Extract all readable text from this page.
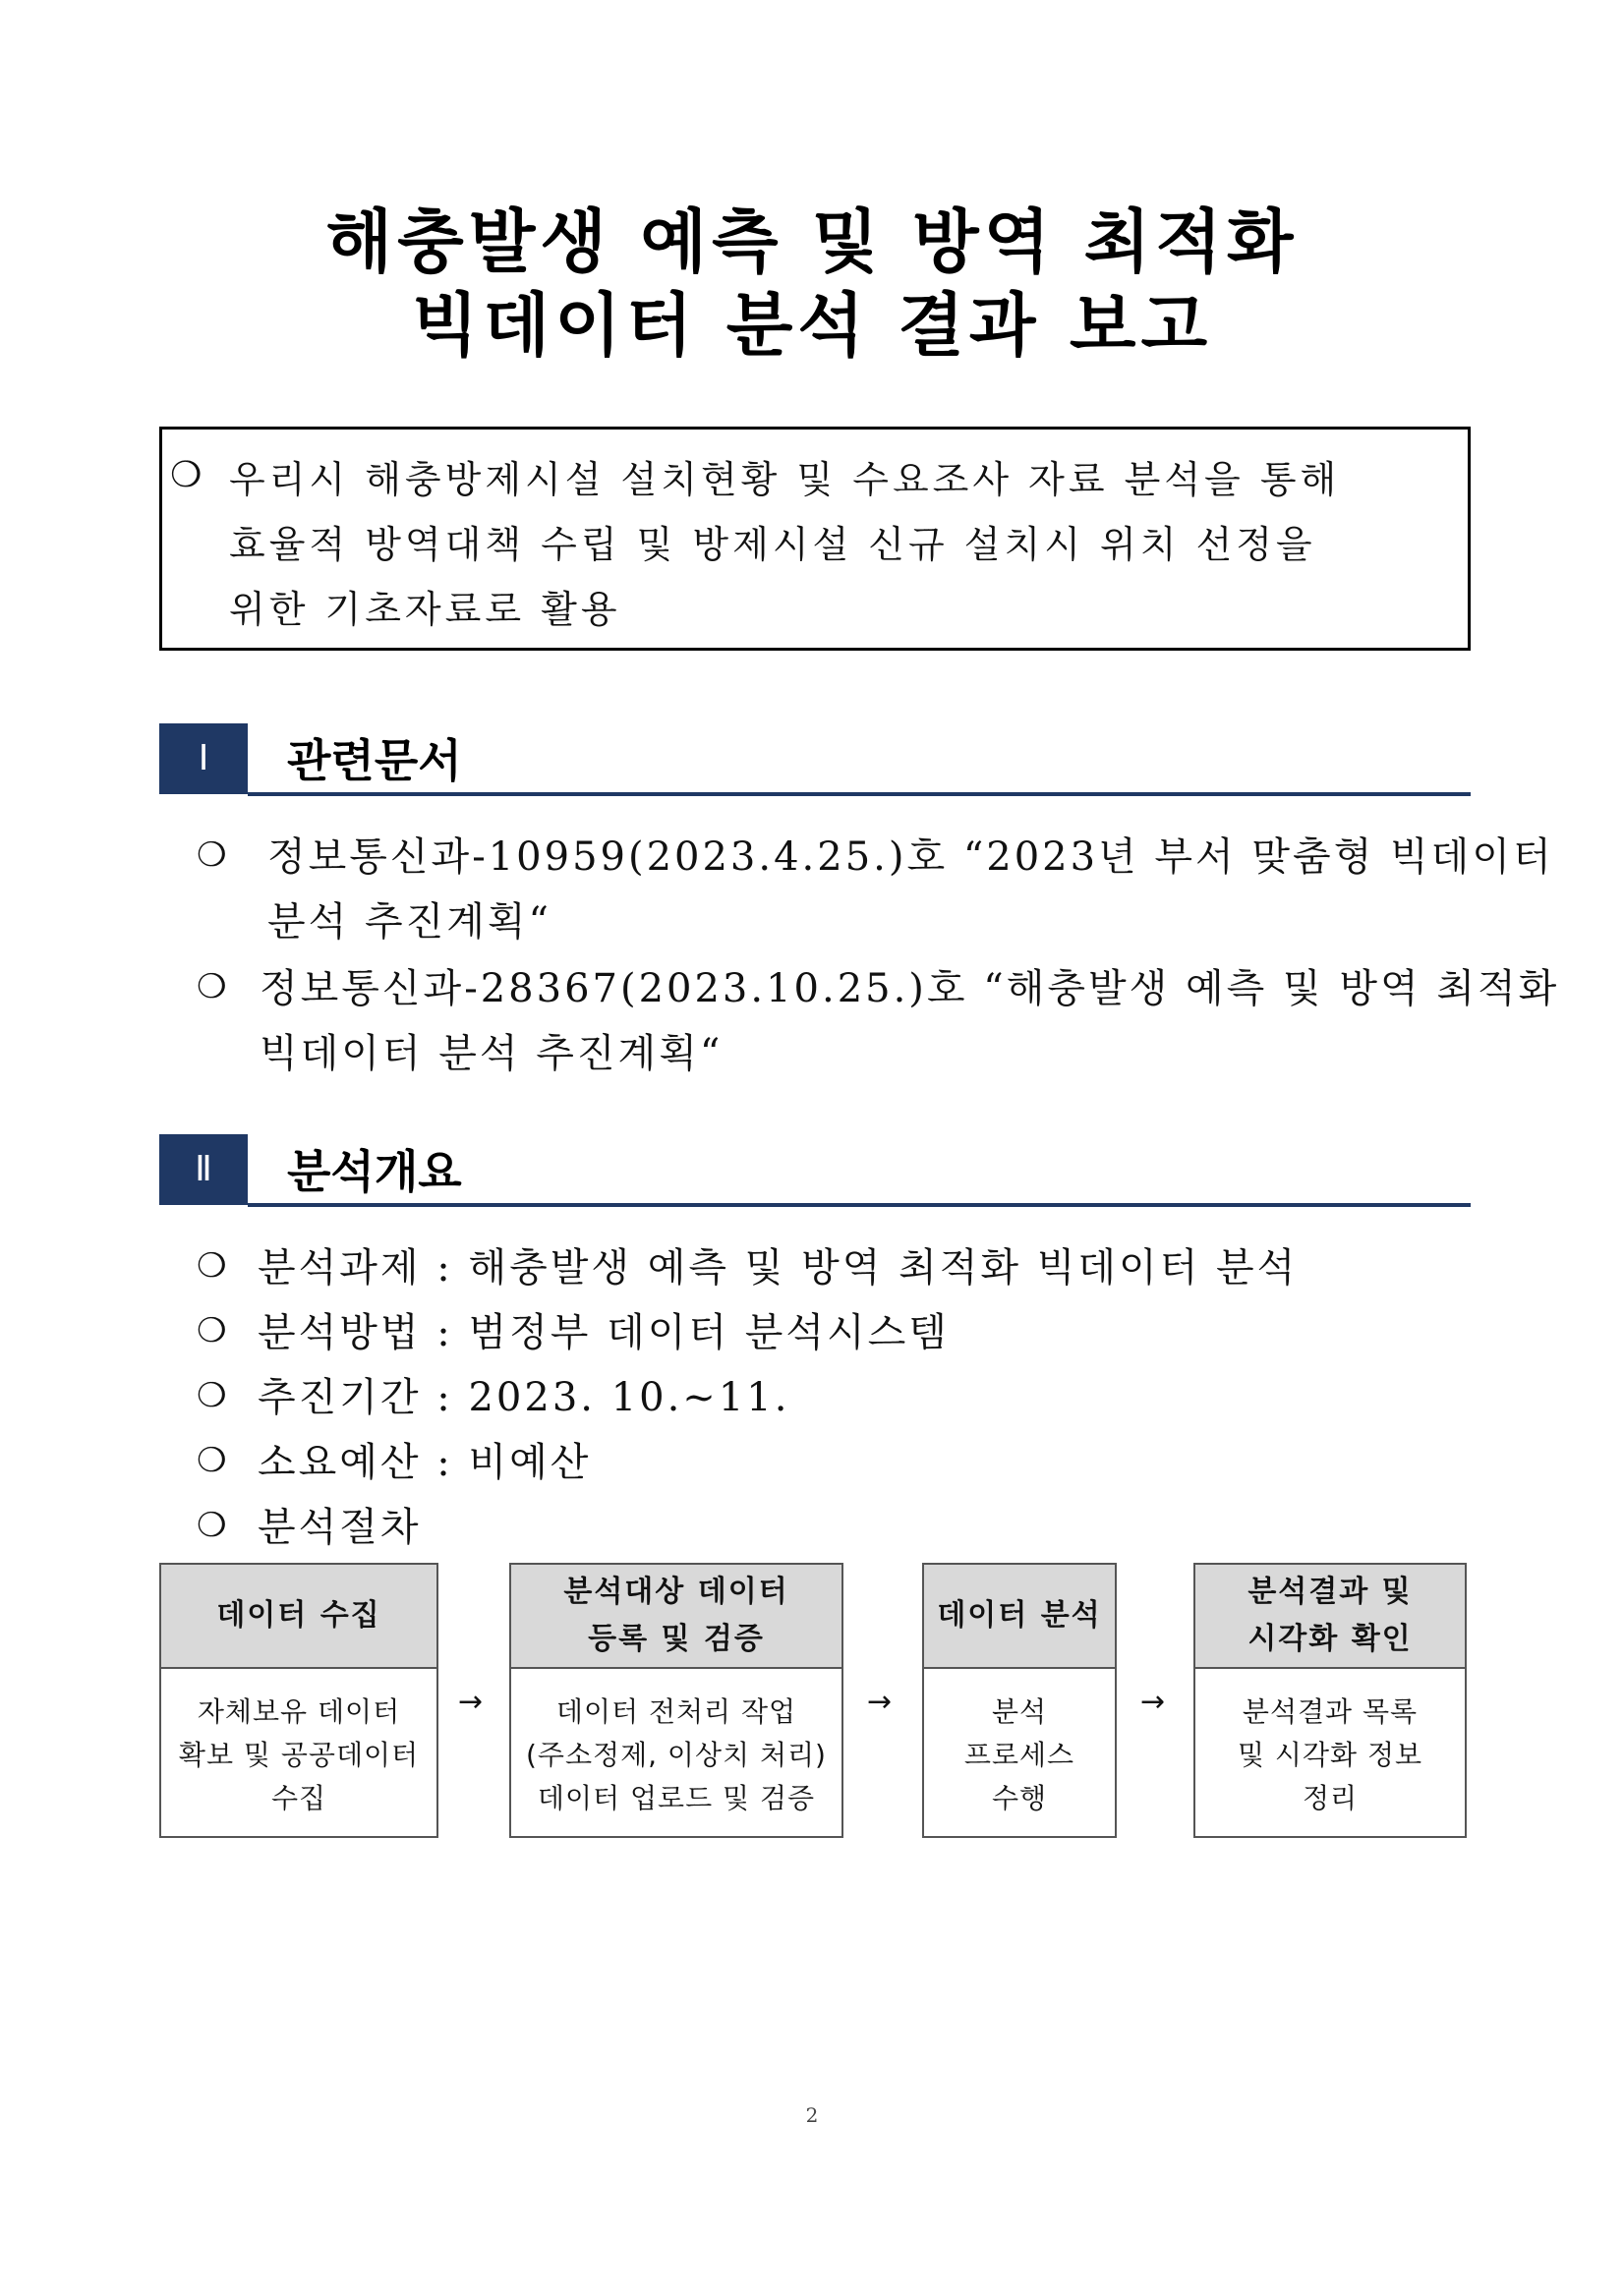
해충발생 예측 및 방역 최적화
빅데이터 분석 결과 보고
❍ 우리시 해충방제시설 설치현황 및 수요조사 자료 분석을 통해
효율적 방역대책 수립 및 방제시설 신규 설치시 위치 선정을
위한 기초자료로 활용
Ⅰ	관련문서
❍ 정보통신과-10959(2023.4.25.)호 “2023년 부서 맞춤형 빅데이터
분석 추진계획“
❍ 정보통신과-28367(2023.10.25.)호 “해충발생 예측 및 방역 최적화
빅데이터 분석 추진계획“
Ⅱ	분석개요
❍ 분석과제 : 해충발생 예측 및 방역 최적화 빅데이터 분석
❍ 분석방법 : 범정부 데이터 분석시스템
❍ 추진기간 : 2023. 10.~11.
❍ 소요예산 : 비예산
❍ 분석절차
데이터 수집
자체보유 데이터
확보 및 공공데이터
수집
→
분석대상 데이터
등록 및 검증
데이터 전처리 작업
(주소정제, 이상치 처리)
데이터 업로드 및 검증
→
데이터 분석
분석
프로세스
수행
→
분석결과 및
시각화 확인
분석결과 목록
및 시각화 정보
정리
2
